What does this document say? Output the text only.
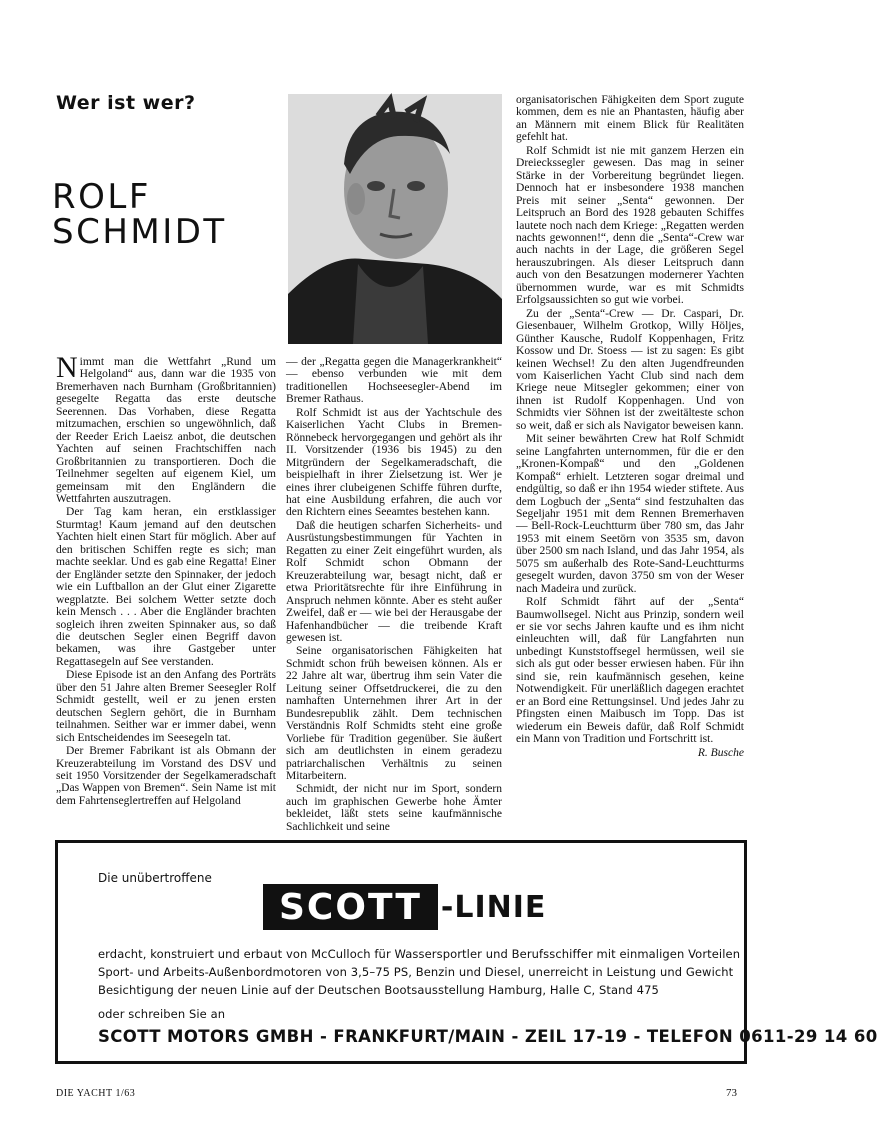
Wer ist wer?
ROLF
SCHMIDT

Nimmt man die Wettfahrt „Rund um Helgoland“ aus, dann war die 1935 von Bremerhaven nach Burnham (Großbritannien) gesegelte Regatta das erste deutsche Seerennen. Das Vorhaben, diese Regatta mitzumachen, erschien so ungewöhnlich, daß der Reeder Erich Laeisz anbot, die deutschen Yachten auf seinen Frachtschiffen nach Großbritannien zu transportieren. Doch die Teilnehmer segelten auf eigenem Kiel, um gemeinsam mit den Engländern die Wettfahrten auszutragen.

Der Tag kam heran, ein erstklassiger Sturmtag! Kaum jemand auf den deutschen Yachten hielt einen Start für möglich. Aber auf den britischen Schiffen regte es sich; man machte seeklar. Und es gab eine Regatta! Einer der Engländer setzte den Spinnaker, der jedoch wie ein Luftballon an der Glut einer Zigarette wegplatzte. Bei solchem Wetter setzte doch kein Mensch . . . Aber die Engländer brachten sogleich ihren zweiten Spinnaker aus, so daß die deutschen Segler einen Begriff davon bekamen, was ihre Gastgeber unter Regattasegeln auf See verstanden.

Diese Episode ist an den Anfang des Porträts über den 51 Jahre alten Bremer Seesegler Rolf Schmidt gestellt, weil er zu jenen ersten deutschen Seglern gehört, die in Burnham teilnahmen. Seither war er immer dabei, wenn sich Entscheidendes im Seesegeln tat.

Der Bremer Fabrikant ist als Obmann der Kreuzerabteilung im Vorstand des DSV und seit 1950 Vorsitzender der Segelkameradschaft „Das Wappen von Bremen“. Sein Name ist mit dem Fahrtenseglertreffen auf Helgoland

— der „Regatta gegen die Managerkrankheit“ — ebenso verbunden wie mit dem traditionellen Hochseesegler-Abend im Bremer Rathaus.

Rolf Schmidt ist aus der Yachtschule des Kaiserlichen Yacht Clubs in Bremen-Rönnebeck hervorgegangen und gehört als ihr II. Vorsitzender (1936 bis 1945) zu den Mitgründern der Segelkameradschaft, die beispielhaft in ihrer Zielsetzung ist. Wer je eines ihrer clubeigenen Schiffe führen durfte, hat eine Ausbildung erfahren, die auch vor den Richtern eines Seeamtes bestehen kann.

Daß die heutigen scharfen Sicherheits- und Ausrüstungsbestimmungen für Yachten in Regatten zu einer Zeit eingeführt wurden, als Rolf Schmidt schon Obmann der Kreuzerabteilung war, besagt nicht, daß er etwa Prioritätsrechte für ihre Einführung in Anspruch nehmen könnte. Aber es steht außer Zweifel, daß er — wie bei der Herausgabe der Hafenhandbücher — die treibende Kraft gewesen ist.

Seine organisatorischen Fähigkeiten hat Schmidt schon früh beweisen können. Als er 22 Jahre alt war, übertrug ihm sein Vater die Leitung seiner Offsetdruckerei, die zu den namhaften Unternehmen ihrer Art in der Bundesrepublik zählt. Dem technischen Verständnis Rolf Schmidts steht eine große Vorliebe für Tradition gegenüber. Sie äußert sich am deutlichsten in einem geradezu patriarchalischen Verhältnis zu seinen Mitarbeitern.

Schmidt, der nicht nur im Sport, sondern auch im graphischen Gewerbe hohe Ämter bekleidet, läßt stets seine kaufmännische Sachlichkeit und seine

organisatorischen Fähigkeiten dem Sport zugute kommen, dem es nie an Phantasten, häufig aber an Männern mit einem Blick für Realitäten gefehlt hat.

Rolf Schmidt ist nie mit ganzem Herzen ein Dreieckssegler gewesen. Das mag in seiner Stärke in der Vorbereitung begründet liegen. Dennoch hat er insbesondere 1938 manchen Preis mit seiner „Senta“ gewonnen. Der Leitspruch an Bord des 1928 gebauten Schiffes lautete noch nach dem Kriege: „Regatten werden nachts gewonnen!“, denn die „Senta“-Crew war auch nachts in der Lage, die größeren Segel herauszubringen. Als dieser Leitspruch dann auch von den Besatzungen modernerer Yachten übernommen wurde, war es mit Schmidts Erfolgsaussichten so gut wie vorbei.

Zu der „Senta“-Crew — Dr. Caspari, Dr. Giesenbauer, Wilhelm Grotkop, Willy Höljes, Günther Kausche, Rudolf Koppenhagen, Fritz Kossow und Dr. Stoess — ist zu sagen: Es gibt keinen Wechsel! Zu den alten Jugendfreunden vom Kaiserlichen Yacht Club sind nach dem Kriege neue Mitsegler gekommen; einer von ihnen ist Rudolf Koppenhagen. Und von Schmidts vier Söhnen ist der zweitälteste schon so weit, daß er sich als Navigator beweisen kann.

Mit seiner bewährten Crew hat Rolf Schmidt seine Langfahrten unternommen, für die er den „Kronen-Kompaß“ und den „Goldenen Kompaß“ erhielt. Letzteren sogar dreimal und endgültig, so daß er ihn 1954 wieder stiftete. Aus dem Logbuch der „Senta“ sind festzuhalten das Segeljahr 1951 mit dem Rennen Bremerhaven — Bell-Rock-Leuchtturm über 780 sm, das Jahr 1953 mit einem Seetörn von 3535 sm, davon über 2500 sm nach Island, und das Jahr 1954, als 5075 sm außerhalb des Rote-Sand-Leuchtturms gesegelt wurden, davon 3750 sm von der Weser nach Madeira und zurück.

Rolf Schmidt fährt auf der „Senta“ Baumwollsegel. Nicht aus Prinzip, sondern weil er sie vor sechs Jahren kaufte und es ihm nicht einleuchten will, daß für Langfahrten nun unbedingt Kunststoffsegel hermüssen, weil sie sich als gut oder besser erwiesen haben. Für ihn sind sie, rein kaufmännisch gesehen, keine Notwendigkeit. Für unerläßlich dagegen erachtet er an Bord eine Rettungsinsel. Und jedes Jahr zu Pfingsten einen Maibusch im Topp. Das ist wiederum ein Beweis dafür, daß Rolf Schmidt ein Mann von Tradition und Fortschritt ist.

R. Busche
Die unübertroffene
SCOTT -LINIE
erdacht, konstruiert und erbaut von McCulloch für Wassersportler und Berufsschiffer mit einmaligen Vorteilen
Sport- und Arbeits-Außenbordmotoren von 3,5–75 PS, Benzin und Diesel, unerreicht in Leistung und Gewicht
Besichtigung der neuen Linie auf der Deutschen Bootsausstellung Hamburg, Halle C, Stand 475
oder schreiben Sie an
SCOTT MOTORS GMBH - FRANKFURT/MAIN - ZEIL 17-19 - TELEFON 0611-29 14 60
DIE YACHT 1/63	73
